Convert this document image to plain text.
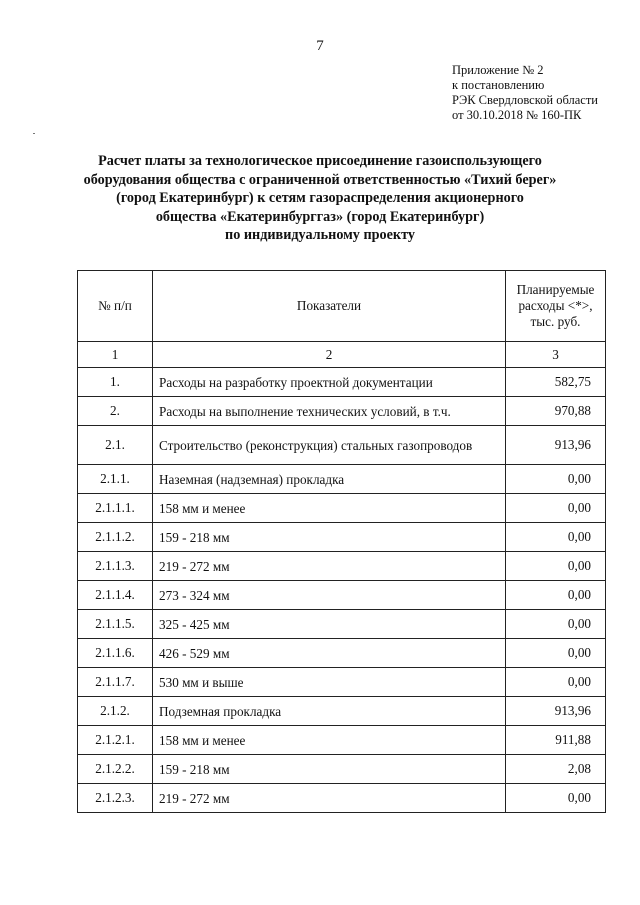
7
Приложение № 2
к постановлению
РЭК Свердловской области
от 30.10.2018 № 160-ПК
Расчет платы за технологическое присоединение газоиспользующего
оборудования общества с ограниченной ответственностью «Тихий берег»
(город Екатеринбург) к сетям газораспределения акционерного
общества «Екатеринбурггаз» (город Екатеринбург)
по индивидуальному проекту
№ п/п	Показатели	Планируемые расходы <*>, тыс. руб.
1	2	3
1.	Расходы на разработку проектной документации	582,75
2.	Расходы на выполнение технических условий, в т.ч.	970,88
2.1.	Строительство (реконструкция) стальных газопроводов	913,96
2.1.1.	Наземная (надземная) прокладка	0,00
2.1.1.1.	158 мм и менее	0,00
2.1.1.2.	159 - 218 мм	0,00
2.1.1.3.	219 - 272 мм	0,00
2.1.1.4.	273 - 324 мм	0,00
2.1.1.5.	325 - 425 мм	0,00
2.1.1.6.	426 - 529 мм	0,00
2.1.1.7.	530 мм и выше	0,00
2.1.2.	Подземная прокладка	913,96
2.1.2.1.	158 мм и менее	911,88
2.1.2.2.	159 - 218 мм	2,08
2.1.2.3.	219 - 272 мм	0,00
